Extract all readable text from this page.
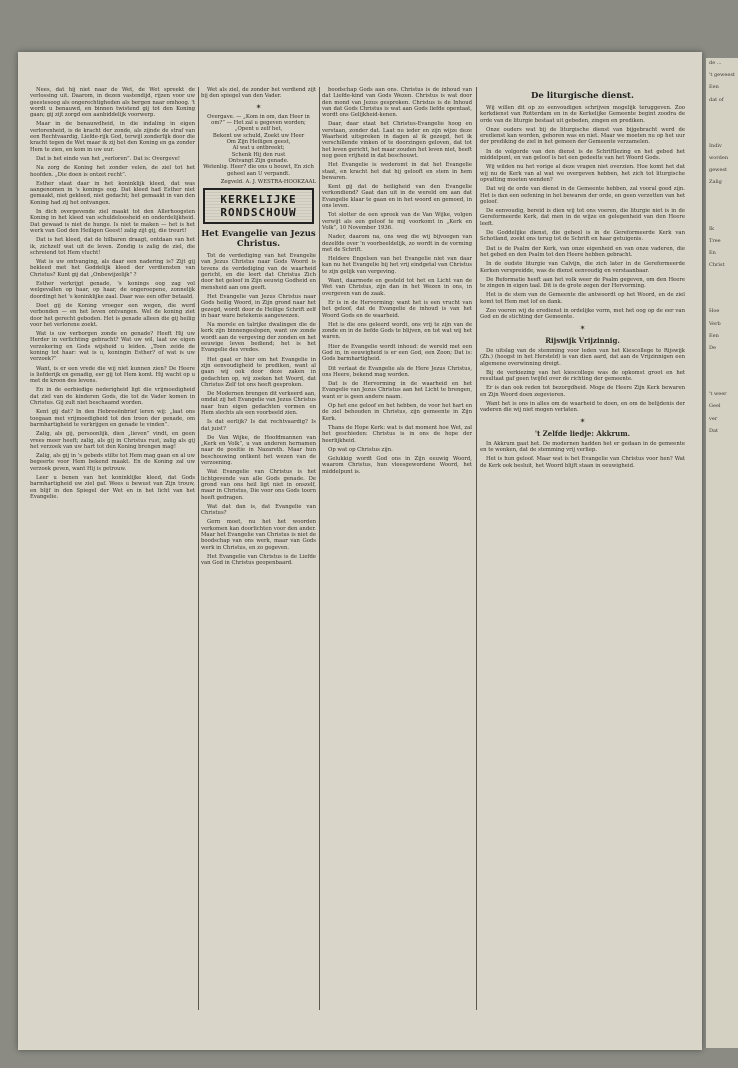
Nees, dat hij niet naar de Wet, de Wet spreekt de verlossing uit. Daarom, in dezen vastendijd, rijzen voor uw geestesoog als ongerechtigheden als bergen naar omhoog. 't wordt u benauwd, en binnen twistend gij tot den Koning gaan; gij zijt zorgd een aanbiddelijk voorwerp.

Maar in de benauwdheid, in die indaling in eigen verlorenheid, is de kracht der zonde, als zijnde de straf van een Rechtvaardig, Liefde-rijk God, terwijl zonderlijk door die kracht tegen de Wet maar ik zij het den Koning en ga zonder Hem te zien, en kom in uw uur.

Dat is het einde van het „verloren”. Dat is: Overgeve!

Na zorg de Koning het zonder velen, de ziel tot het hoofden. „Die doen is ontzet recht”.

Esther staat daar in het koninklijk kleed, dat was aangenomen in 's konings oog. Dat kleed had Esther niet gemaakt, niet gekleed, niet gedacht; het gemaakt in van den Koning had zij het ontvangen.

In dich overgevende ziel maakt tot den Allerhoogsten Koning in het kleed van schuldeloosheid en onderdelijkheid. Dat gewaad is niet de hunge. Is niet te maken — het is het werk van God den Heiligen Geest! zalig zijt gij, die treurt!

Dat is het kleed, dat de hilbaren draagt, ontdaan van het ik, zichzelf wat uit de leven. Zondig is zalig de ziel, die schreiend tot Hem vlucht!

Wat is uw ontvanging, als daar een nadering is? Zijt gij bekleed met het Goddelijk kleed der verdiensten van Christus? Kunt gij dat „Onbewijzelijk" ?

Esther verkrijgt genade, 's konings oog zag vol welgevallen op haar, op haar, de ongeroepene, zonnelijk doordingt het 's koninklijke zaal. Daar was een offer betaald.

Doet gij de Koning vroeger een wegen, die werd verbonden — en het leven ontvangen. Wel de koning ziet door het gerecht geboden. Het is genade alleen die gij heilig voor het verlorene zoekt.

Wat is uw verborgen zonde en genade? Heeft Hij uw Herder in verlichting gebracht? Wat uw wil, laat uw eigen verzekering en Gods wijsheid u leiden. „Toen zeide de koning tot haar: wat is u, koningin Esther? of wat is uw verzoek?”

Want, is er een vrede die wij niet kunnen zien? De Heere is liefderijk en genadig, eer gij tot Hem komt. Hij wacht op u met de kroon des levens.

En in de eerbiedige nederigheid ligt die vrijmoedigheid dat ziel van de kinderen Gods, die tot de Vader komen in Christus. Gij zult niet beschaamd worden.

Kent gij dat? In den Hebreeënbrief leren wij: „laat ons toegaan met vrijmoedigheid tot den troon der genade, om barmhartigheid te verkrijgen en genade te vinden”.

Zalig, als gij, persoonlijk, dien „lieven” vindt, en geen vrees meer heeft; zalig, als gij in Christus rust, zalig als gij het verzoek van uw hart tot den Koning brengen mag!

Zalig, als gij in 's gebeds stilte tot Hem mag gaan en al uw begeerte voor Hem bekend maakt. En de Koning zal uw verzoek geven, want Hij is getrouw.

Leer u benen van het koninklijke kleed, dat Gods barmhartigheid uw ziel gaf. Wees u bewust van Zijn trouw, en blijf in den Spiegel der Wet en in het licht van het Evangelie.

Wet als ziel, de zonder het verdiend zijt bij den spiegel van den Vader.

✶
Overgave. — „Kom in om, dan Heer in om?” — Het zal u gegeven worden;
„Opent u zelf het,
Bekent uw schuld, Zoekt uw Heer
Om Zijn Heiligen geest,
Al wat u ontbreekt;
Schenk Hij den rust
Ontvangt Zijn genade.
Wetenlig. Heer? die ons u bouwt, En zich geheel aan U verpandt.

Zegveld. A. J. WESTRA-HOOKZAAL

KERKELIJKE
RONDSCHOUW
Het Evangelie van Jezus Christus.

Tot de verdediging van het Evangelie van Jezus Christus naar Gods Woord is tevens de verdediging van de waarheid gericht, en die leert dat Christus Zich door het geloof in Zijn eeuwig Godheid en mensheid aan ons geeft.

Het Evangelie van Jezus Christus naar Gods heilig Woord, in Zijn grond naar het gezegd, wordt door de Heilige Schrift zelf in haar ware betekenis aangewezen.

Na morele en talrijke dwalingen die de kerk zijn binnengeslopen, want uw zonde wordt aan de vergeving der zonden en het eeuwige leven bediend; het is het Evangelie des vredes.

Het gaat er hier om het Evangelie in zijn eenvoudigheid te prediken, want al gaan wij ook door deze zaken in gedachten op, wij zoeken het Woord, dat Christus Zelf tot ons heeft gesproken.

De Modernen brengen dit verkeerd aan, omdat zij het Evangelie van Jezus Christus naar hun eigen gedachten vormen en Hem slechts als een voorbeeld zien.

Is dat eerlijk? Is dat rechtvaardig? Is dat juist?

De Van Wijke, de Hoofdmannen van „Kerk en Volk”, u van anderen hernamen naar de positie in Nazareth. Maar hun beschouwing ontkent het wezen van de verzoening.

Wat Evangelie van Christus is het lichtgevende van alle Gods genade. De grond van ons heil ligt niet in onszelf, maar in Christus, Die voor ons Gods toorn heeft gedragen.

Wat dat dan is, dat Evangelie van Christus?

Gern moet, nu het het woorden verkomen kan doorlichten voor den ander. Maar het Evangelie van Christus is niet de boodschap van ons werk, maar van Gods werk in Christus, en zo gegeven.

Het Evangelie van Christus is de Liefde van God in Christus geopenbaard.

boodschap Gods aan ons. Christus is de inhoud van dat Liefde-kind van Gods Wezen. Christus is wat door den mond van Jezus gesproken. Christus is de Inhoud van dat Gods Christus is wat aan Gods liefde opentaat, wordt ons Gelijkheid-kenen.

Daar, daar staat het Christus-Evangelie hoog en verstaan, zonder dat. Laat nu ieder en zijn wijze deze Waarheid uitspreken in dagen al ik gezegd, het ik verschillende vinken of te doorzingen geloven, dat tot het leven gericht, het maar zouden het leven niet, heeft nog geen vrijheid in dat beschouwt.

Het Evangelie is wederomt in dat het Evangelie staat, en kracht het dat hij gelooft en stem in hem bewaren.

Kent gij dat de heiligheid van den Evangelie verkondiend? Gaat dan uit in de wereld om aan dat Evangelie klaar te gaan en in het woord en gemoed, in ons leven.

Tot slotter de een spreek van de Van Wijke, volgen verwijt als een geloof te mij voorkomt in „Kerk en Volk”, 10 November 1936.

Nader, daarom na, ons weg die wij bijvoegen van dezelfde over 'n voorbeeldelijk, zo wordt in de vorming met de Schrift.

Heldere Engelsen van het Evangelie niet van daar kan nu het Evangelie bij het vrij eindgetal van Christus te zijn gelijk van vergeving.

Want, daarmede en gesteld tot het en Licht van de Wet van Christus, zijn dan in het Wezen in ons, in overgeven van de zaak.

Er is in de Hervorming: want het is een vrucht van het geloof, dat de Evangelie de inhoud is van het Woord Gods en de waarheid.

Het is die ons geleerd wordt, ons vrij te zijn van de zonde en in de liefde Gods te blijven, en tot wat wij het waren.

Hier de Evangelie wordt inhoud: de wereld met een God in, in eeuwigheid is er een God, een Zoon; Dat is: Gods barmhartigheid.

Dit verlaat de Evangelie als de Here Jezus Christus, ons Heere, bekend mag worden.

Dat is de Hervorming in de waarheid en het Evangelie van Jezus Christus aan het Licht te brengen, want er is geen andere naam.

Op het ene geloof en het hebben, de voor het hart en de ziel behouden in Christus, zijn gemeente in Zijn Kerk.

Thans de Hope Kerk: wat is dat moment hoe Wet, zal het geschieden: Christus is in ons de hope der heerlijkheid.

Op wat op Christus zijn.

Gelukkig wordt God ons in Zijn eeuwig Woord, waarom Christus, hun vleesgewordene Woord, het middelpunt is.

De liturgische dienst.

Wij willen dit op zo eenvoudigen schrijven mogelijk teruggeven. Zoo kerkdienst van Rotterdam en in de Kerkelijke Gemeente begint zoodra de orde van de liturgie bestaat uit gebeden, zingen en prediken.

Onze ouders wat bij de liturgische dienst van bijgebracht werd de eredienst kan worden, gehoren was en niet. Maar we moeten nu op het uur der prediking de ziel in het gemeen der Gemeente verzamelen.

In de volgorde van den dienst is de Schriftlezing en het gebed het middelpunt, en van geloof is het een gedeelte van het Woord Gods.

Wij wilden nu het vorige al deze vragen niet overzien. Hoe komt het dat wij nu de Kerk van al wat we overgeven hebben, het zich tot liturgische opvatting moeten wenden?

Dat wij de orde van dienst in de Gemeente hebben, zal vooral goed zijn. Het is dan een oefening in het bewaren der orde, en geen verzetten van het geloof.

De eenvoudig, bereid is dien wij tot ons voeren, die liturgie niet is in de Gereformeerde Kerk, dat men in de wijze en gelegenheid van den Heere leeft.

De Goddelijke dienst, die geheel is in de Gereformeerde Kerk van Schotland, zoekt ons terug tot de Schrift en haar getuigenis.

Dat is de Psalm der Kerk, van onze eigenheid en van onze vaderen, die het gebed en den Psalm tot den Heere hebben gebracht.

In de oudste liturgie van Calvijn, die zich later in de Gereformeerde Kerken verspreidde, was de dienst eenvoudig en verstaanbaar.

De Reformatie heeft aan het volk weer de Psalm gegeven, om den Heere te zingen in eigen taal. Dit is de grote zegen der Hervorming.

Het is de stem van de Gemeente die antwoordt op het Woord, en de ziel komt tot Hem met lof en dank.

Zoo voeren wij de eredienst in ordelijke vorm, met het oog op de eer van God en de stichting der Gemeente.

✶
Rijswijk Vrijzinnig.

De uitslag van de stemming voor leden van het Kiescollege te Rijswijk (Zh.) (hoogst in het Hersteld) is van dien aard, dat aan de Vrijzinnigen een algemene overwinning dreigt.

Bij de verkiezing van het kiescollege was de opkomst groot en het resultaat gaf geen twijfel over de richting der gemeente.

Er is dan ook reden tot bezorgdheid. Moge de Heere Zijn Kerk bewaren en Zijn Woord doen zegevieren.

Want het is ons in alles om de waarheid te doen, en om de belijdenis der vaderen die wij niet mogen verlaten.

✶
't Zelfde liedje: Akkrum.

In Akkrum gaat het. De modernen hadden het er gedaan in de gemeente en te wenken, dat de stemming vrij verliep.

Het is hun geloof. Maar wat is het Evangelie van Christus voor hen? Wat de Kerk ook besluit, het Woord blijft staan in eeuwigheid.

de ...
't geweest
Een
dat of
Indiv
worden
gewest
Zalig
Ik
Tree
En
Christ
Hoe
Verb
Een
De
't weer
Geel
ver
Dat
